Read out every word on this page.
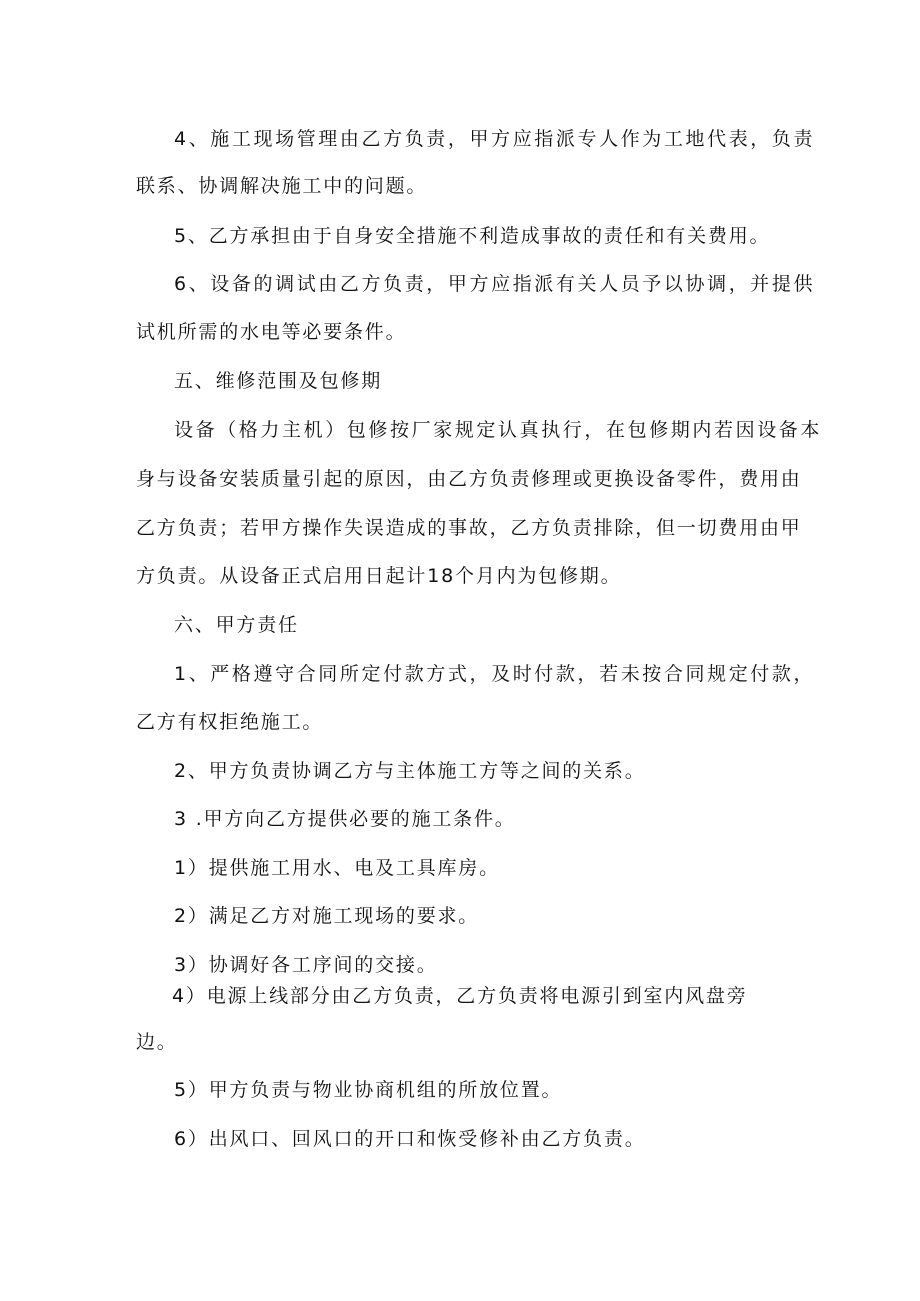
4、施工现场管理由乙方负责，甲方应指派专人作为工地代表，负责

联系、协调解决施工中的问题。

5、乙方承担由于自身安全措施不利造成事故的责任和有关费用。

6、设备的调试由乙方负责，甲方应指派有关人员予以协调，并提供

试机所需的水电等必要条件。

五、维修范围及包修期

设备（格力主机）包修按厂家规定认真执行，在包修期内若因设备本

身与设备安装质量引起的原因，由乙方负责修理或更换设备零件，费用由

乙方负责；若甲方操作失误造成的事故，乙方负责排除，但一切费用由甲

方负责。从设备正式启用日起计18个月内为包修期。

六、甲方责任

1、严格遵守合同所定付款方式，及时付款，若未按合同规定付款，

乙方有权拒绝施工。

2、甲方负责协调乙方与主体施工方等之间的关系。

3 .甲方向乙方提供必要的施工条件。

1）提供施工用水、电及工具库房。

2）满足乙方对施工现场的要求。

3）协调好各工序间的交接。

4）电源上线部分由乙方负责，乙方负责将电源引到室内风盘旁

边。

5）甲方负责与物业协商机组的所放位置。

6）出风口、回风口的开口和恢受修补由乙方负责。
